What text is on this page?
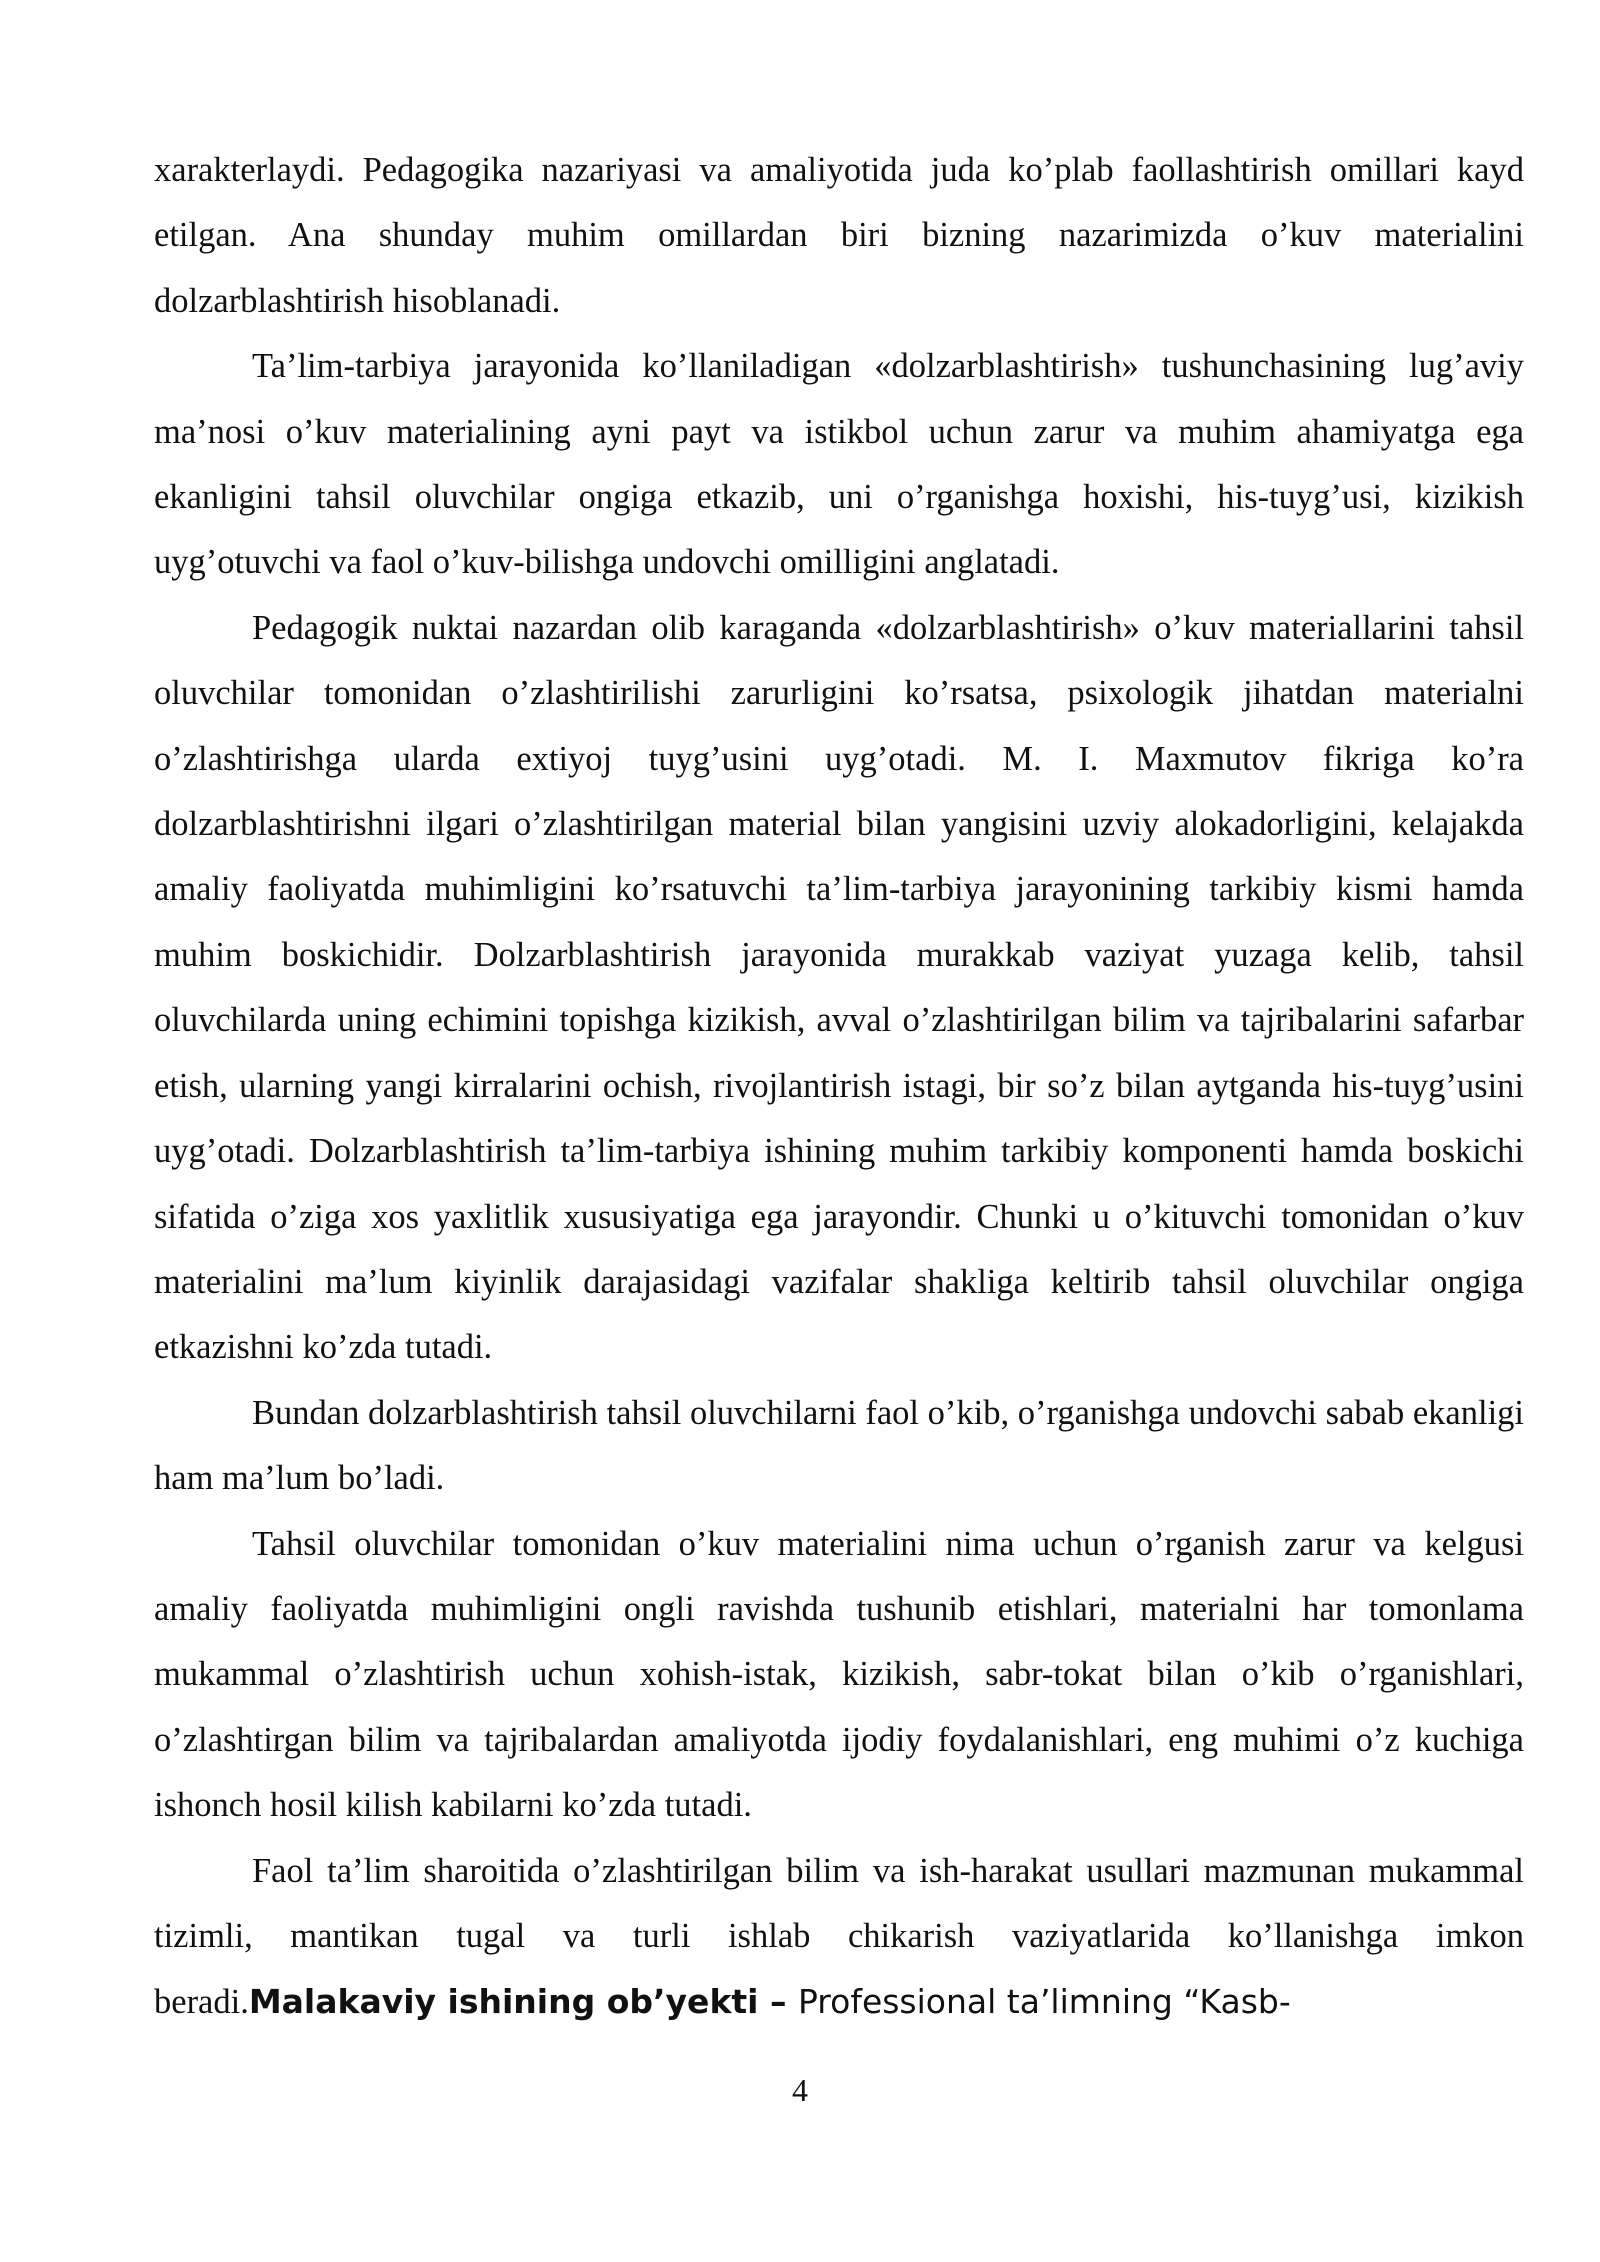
xarakterlaydi. Pedagogika nazariyasi va amaliyotida juda ko’plab faollashtirish omillari kayd etilgan. Ana shunday muhim omillardan biri bizning nazarimizda o’kuv materialini dolzarblashtirish hisoblanadi.

Ta’lim-tarbiya jarayonida ko’llaniladigan «dolzarblashtirish» tushunchasining lug’aviy ma’nosi o’kuv materialining ayni payt va istikbol uchun zarur va muhim ahamiyatga ega ekanligini tahsil oluvchilar ongiga etkazib, uni o’rganishga hoxishi, his-tuyg’usi, kizikish uyg’otuvchi va faol o’kuv-bilishga undovchi omilligini anglatadi.

Pedagogik nuktai nazardan olib karaganda «dolzarblashtirish» o’kuv materiallarini tahsil oluvchilar tomonidan o’zlashtirilishi zarurligini ko’rsatsa, psixologik jihatdan materialni o’zlashtirishga ularda extiyoj tuyg’usini uyg’otadi. M. I. Maxmutov fikriga ko’ra dolzarblashtirishni ilgari o’zlashtirilgan material bilan yangisini uzviy alokadorligini, kelajakda amaliy faoliyatda muhimligini ko’rsatuvchi ta’lim-tarbiya jarayonining tarkibiy kismi hamda muhim boskichidir. Dolzarblashtirish jarayonida murakkab vaziyat yuzaga kelib, tahsil oluvchilarda uning echimini topishga kizikish, avval o’zlashtirilgan bilim va tajribalarini safarbar etish, ularning yangi kirralarini ochish, rivojlantirish istagi, bir so’z bilan aytganda his-tuyg’usini uyg’otadi. Dolzarblashtirish ta’lim-tarbiya ishining muhim tarkibiy komponenti hamda boskichi sifatida o’ziga xos yaxlitlik xususiyatiga ega jarayondir. Chunki u o’kituvchi tomonidan o’kuv materialini ma’lum kiyinlik darajasidagi vazifalar shakliga keltirib tahsil oluvchilar ongiga etkazishni ko’zda tutadi.

Bundan dolzarblashtirish tahsil oluvchilarni faol o’kib, o’rganishga undovchi sabab ekanligi ham ma’lum bo’ladi.

Tahsil oluvchilar tomonidan o’kuv materialini nima uchun o’rganish zarur va kelgusi amaliy faoliyatda muhimligini ongli ravishda tushunib etishlari, materialni har tomonlama mukammal o’zlashtirish uchun xohish-istak, kizikish, sabr-tokat bilan o’kib o’rganishlari, o’zlashtirgan bilim va tajribalardan amaliyotda ijodiy foydalanishlari, eng muhimi o’z kuchiga ishonch hosil kilish kabilarni ko’zda tutadi.

Faol ta’lim sharoitida o’zlashtirilgan bilim va ish-harakat usullari mazmunan mukammal tizimli, mantikan tugal va turli ishlab chikarish vaziyatlarida ko’llanishga imkon beradi.Malakaviy ishining ob’yekti – Professional ta’limning “Kasb-

4
